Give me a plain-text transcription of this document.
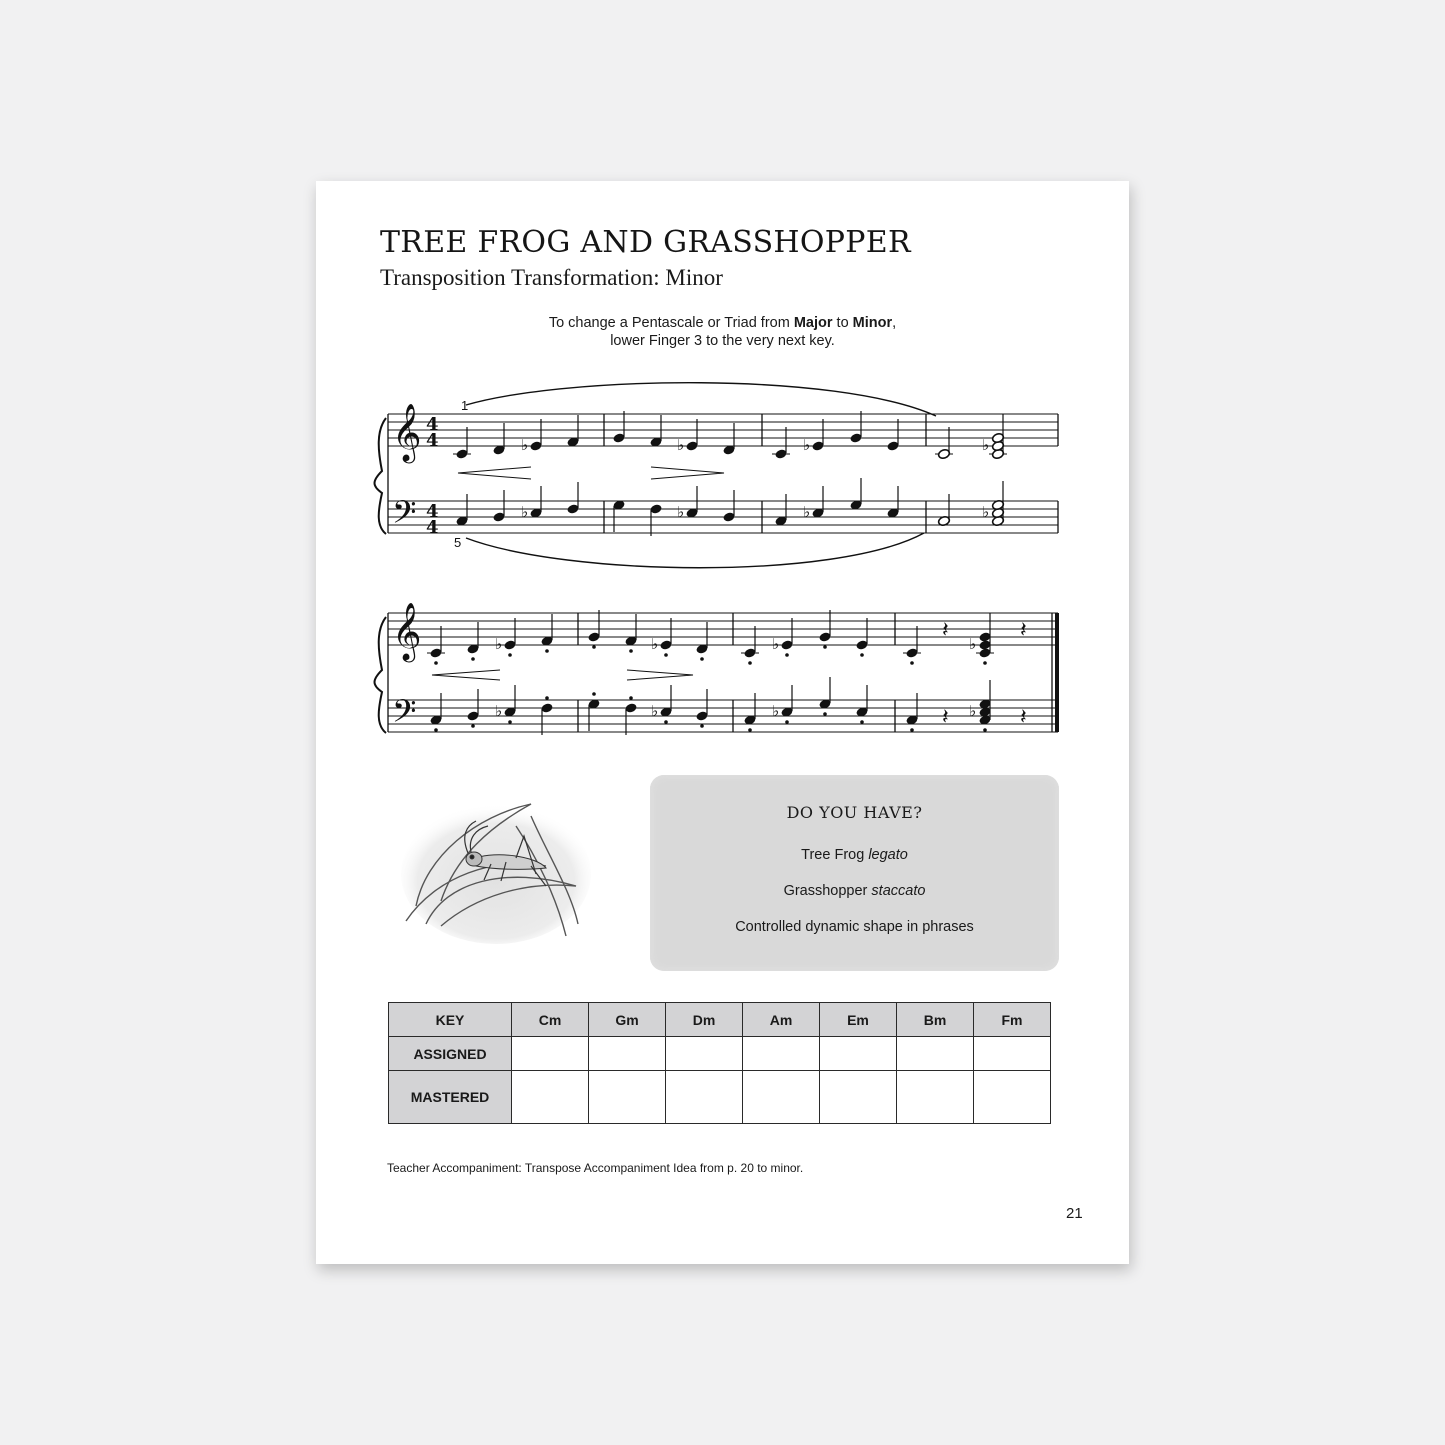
TREE FROG AND GRASSHOPPER
Transposition Transformation: Minor
To change a Pentascale or Triad from Major to Minor,
lower Finger 3 to the very next key.
𝄞
𝄢
4
4
4
4
1
5
♭
♭
♭
♭
♭
♭
♭
♭
𝄞
𝄢
♭
♭
♭
♭
♭
♭
𝄽
♭
𝄽
𝄽 ♭ 𝄽
DO YOU HAVE?
Tree Frog legato
Grasshopper staccato
Controlled dynamic shape in phrases
KEY	Cm	Gm	Dm	Am	Em	Bm	Fm
ASSIGNED							
MASTERED							
Teacher Accompaniment: Transpose Accompaniment Idea from p. 20 to minor.
21
